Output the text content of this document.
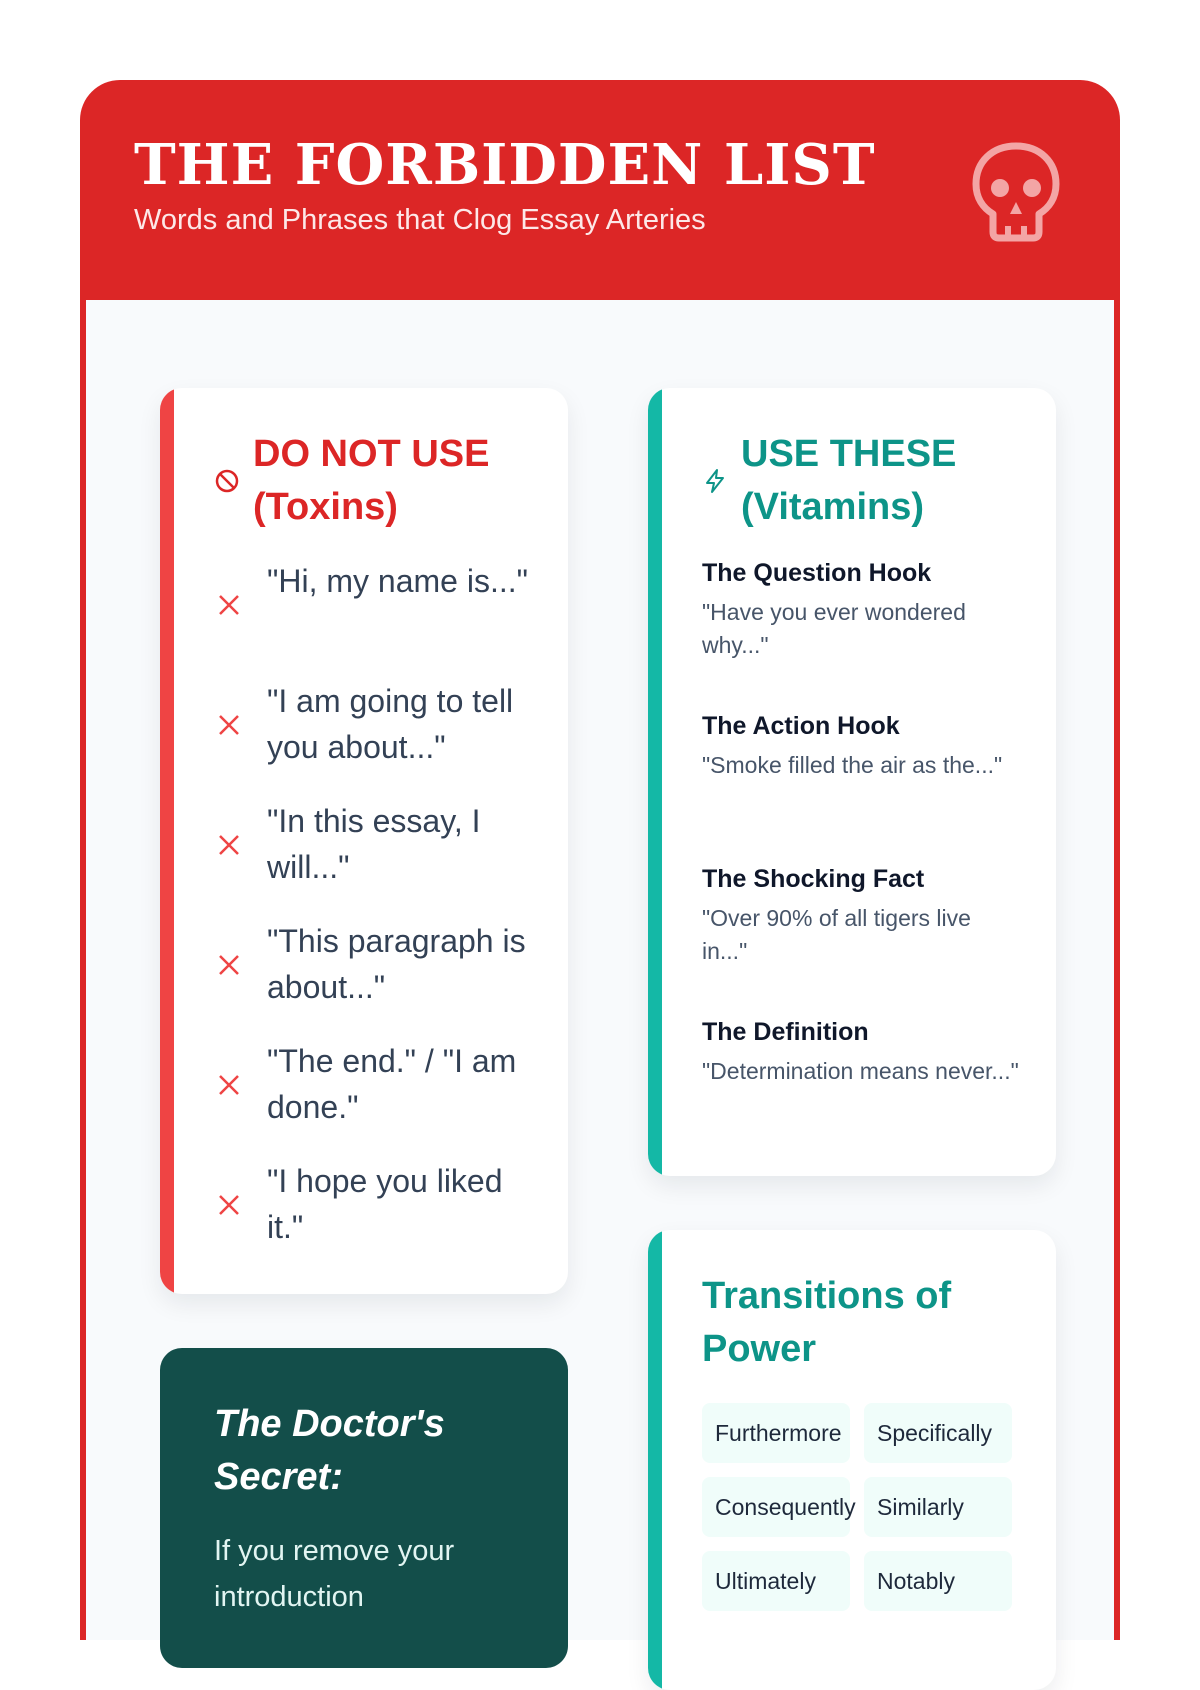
THE FORBIDDEN LIST

Words and Phrases that Clog Essay Arteries

DO NOT USE (Toxins)
"Hi, my name is..."
"I am going to tell you about..."
"In this essay, I will..."
"This paragraph is about..."
"The end." / "I am done."
"I hope you liked it."
USE THESE (Vitamins)

The Question Hook

"Have you ever wondered why..."

The Action Hook

"Smoke filled the air as the..."

The Shocking Fact

"Over 90% of all tigers live in..."

The Definition

"Determination means never..."

Transitions of Power
Furthermore	Specifically
Consequently Similarly
Ultimately	Notably
The Doctor's Secret:

If you remove your introduction
